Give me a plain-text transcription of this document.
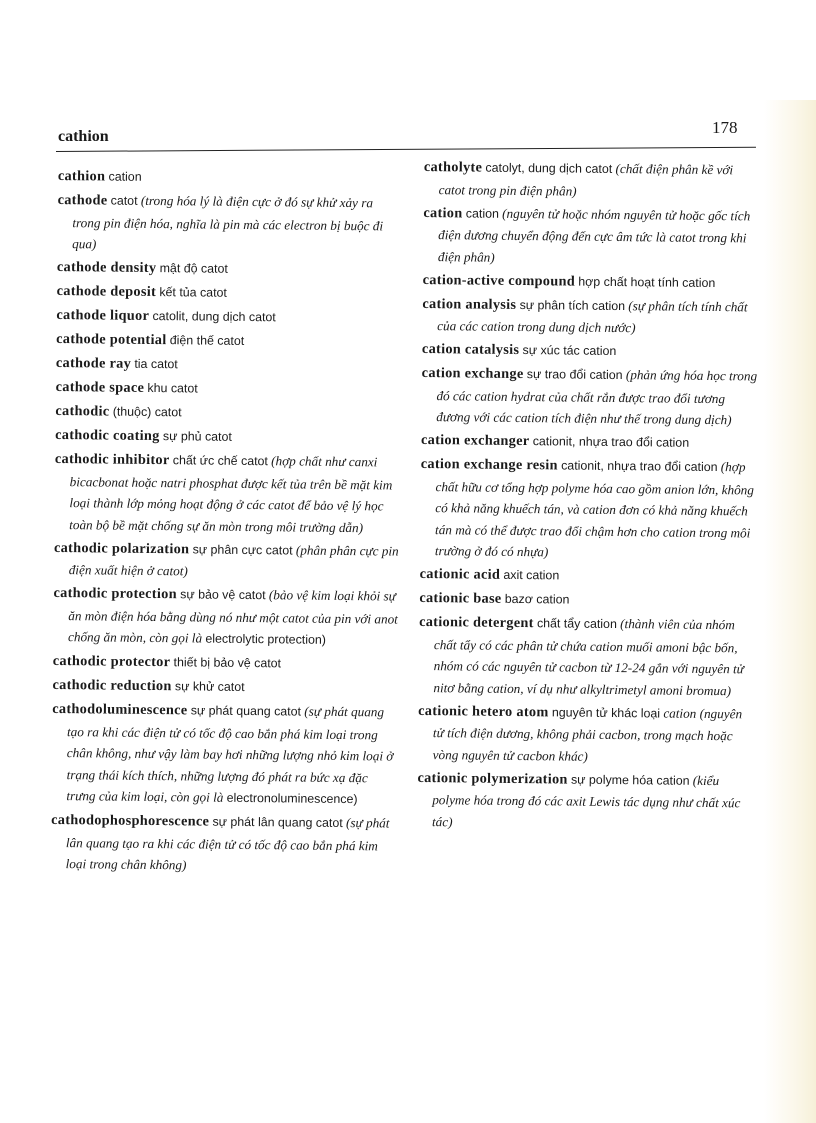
cathion	178
cathion cation
cathode catot (trong hóa lý là điện cực ở đó sự khử xảy ra trong pin điện hóa, nghĩa là pin mà các electron bị buộc đi qua)
cathode density mật độ catot
cathode deposit kết tủa catot
cathode liquor catolit, dung dịch catot
cathode potential điện thế catot
cathode ray tia catot
cathode space khu catot
cathodic (thuộc) catot
cathodic coating sự phủ catot
cathodic inhibitor chất ức chế catot (hợp chất như canxi bicacbonat hoặc natri phosphat được kết tủa trên bề mặt kim loại thành lớp mỏng hoạt động ở các catot để bảo vệ lý học toàn bộ bề mặt chống sự ăn mòn trong môi trường dẫn)
cathodic polarization sự phân cực catot (phân phân cực pin điện xuất hiện ở catot)
cathodic protection sự bảo vệ catot (bảo vệ kim loại khỏi sự ăn mòn điện hóa bằng dùng nó như một catot của pin với anot chống ăn mòn, còn gọi là electrolytic protection)
cathodic protector thiết bị bảo vệ catot
cathodic reduction sự khử catot
cathodoluminescence sự phát quang catot (sự phát quang tạo ra khi các điện tử có tốc độ cao bắn phá kim loại trong chân không, như vậy làm bay hơi những lượng nhỏ kim loại ở trạng thái kích thích, những lượng đó phát ra bức xạ đặc trưng của kim loại, còn gọi là electronoluminescence)
cathodophosphorescence sự phát lân quang catot (sự phát lân quang tạo ra khi các điện tử có tốc độ cao bắn phá kim loại trong chân không)
catholyte catolyt, dung dịch catot (chất điện phân kề với catot trong pin điện phân)
cation cation (nguyên tử hoặc nhóm nguyên tử hoặc gốc tích điện dương chuyển động đến cực âm tức là catot trong khi điện phân)
cation-active compound hợp chất hoạt tính cation
cation analysis sự phân tích cation (sự phân tích tính chất của các cation trong dung dịch nước)
cation catalysis sự xúc tác cation
cation exchange sự trao đổi cation (phản ứng hóa học trong đó các cation hydrat của chất rắn được trao đổi tương đương với các cation tích điện như thế trong dung dịch)
cation exchanger cationit, nhựa trao đổi cation
cation exchange resin cationit, nhựa trao đổi cation (hợp chất hữu cơ tổng hợp polyme hóa cao gồm anion lớn, không có khả năng khuếch tán, và cation đơn có khả năng khuếch tán mà có thể được trao đổi chậm hơn cho cation trong môi trường ở đó có nhựa)
cationic acid axit cation
cationic base bazơ cation
cationic detergent chất tẩy cation (thành viên của nhóm chất tẩy có các phân tử chứa cation muối amoni bậc bốn, nhóm có các nguyên tử cacbon từ 12-24 gắn với nguyên tử nitơ bằng cation, ví dụ như alkyltrimetyl amoni bromua)
cationic hetero atom nguyên tử khác loại cation (nguyên tử tích điện dương, không phải cacbon, trong mạch hoặc vòng nguyên tử cacbon khác)
cationic polymerization sự polyme hóa cation (kiểu polyme hóa trong đó các axit Lewis tác dụng như chất xúc tác)
